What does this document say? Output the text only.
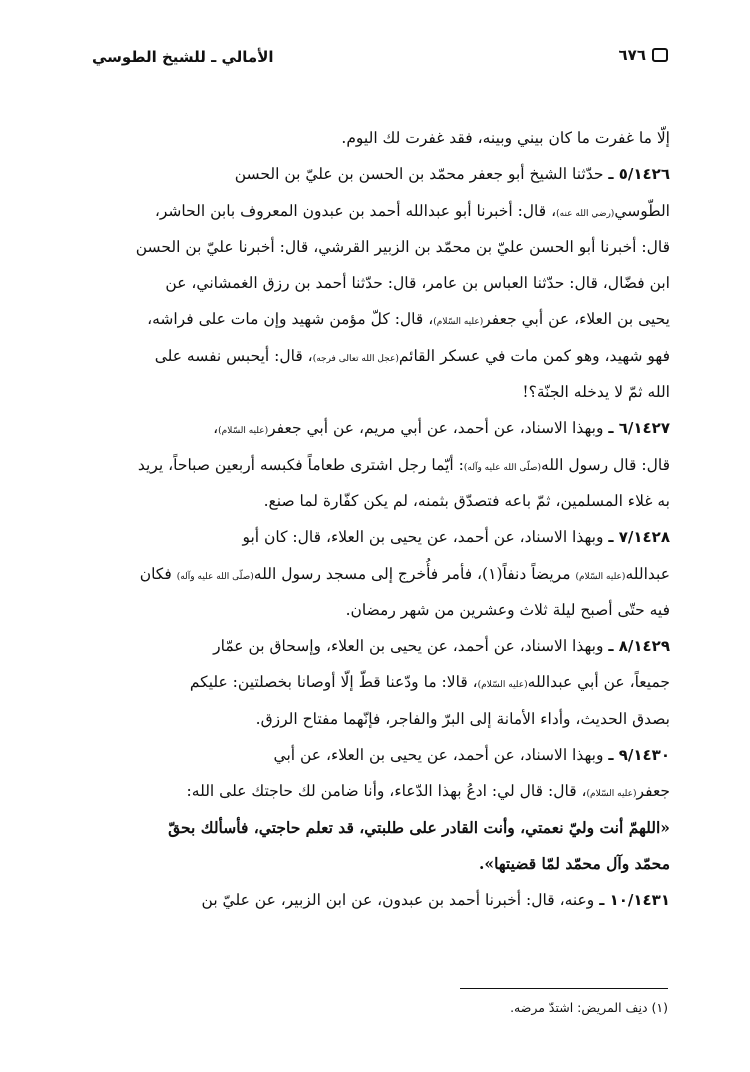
الأمالي ـ للشيخ الطوسي	٦٧٦
إلّا ما غفرت ما كان بيني وبينه، فقد غفرت لك اليوم.
٥/١٤٢٦ ـ حدّثنا الشيخ أبو جعفر محمّد بن الحسن بن عليّ بن الحسن
الطّوسي(رضي الله عنه)، قال: أخبرنا أبو عبدالله أحمد بن عبدون المعروف بابن الحاشر،
قال: أخبرنا أبو الحسن عليّ بن محمّد بن الزبير القرشي، قال: أخبرنا عليّ بن الحسن
ابن فضّال، قال: حدّثنا العباس بن عامر، قال: حدّثنا أحمد بن رزق الغمشاني، عن
يحيى بن العلاء، عن أبي جعفر(عليه السّلام)، قال: كلّ مؤمن شهيد وإن مات على فراشه،
فهو شهيد، وهو كمن مات في عسكر القائم(عجل الله تعالى فرجه)، قال: أيحبس نفسه على
الله ثمّ لا يدخله الجنّة؟!
٦/١٤٢٧ ـ وبهذا الاسناد، عن أحمد، عن أبي مريم، عن أبي جعفر(عليه السّلام)،
قال: قال رسول الله(صلّى الله عليه وآله): أيّما رجل اشترى طعاماً فكبسه أربعين صباحاً، يريد
به غلاء المسلمين، ثمّ باعه فتصدّق بثمنه، لم يكن كفّارة لما صنع.
٧/١٤٢٨ ـ وبهذا الاسناد، عن أحمد، عن يحيى بن العلاء، قال: كان أبو
عبدالله(عليه السّلام) مريضاً دنفاً(١)، فأمر فأُخرج إلى مسجد رسول الله(صلّى الله عليه وآله) فكان
فيه حتّى أصبح ليلة ثلاث وعشرين من شهر رمضان.
٨/١٤٢٩ ـ وبهذا الاسناد، عن أحمد، عن يحيى بن العلاء، وإسحاق بن عمّار
جميعاً، عن أبي عبدالله(عليه السّلام)، قالا: ما ودّعنا قطّ إلّا أوصانا بخصلتين: عليكم
بصدق الحديث، وأداء الأمانة إلى البرّ والفاجر، فإنّهما مفتاح الرزق.
٩/١٤٣٠ ـ وبهذا الاسناد، عن أحمد، عن يحيى بن العلاء، عن أبي
جعفر(عليه السّلام)، قال: قال لي: ادعُ بهذا الدّعاء، وأنا ضامن لك حاجتك على الله:
«اللهمّ أنت وليّ نعمتي، وأنت القادر على طلبتي، قد تعلم حاجتي، فأسألك بحقّ
محمّد وآل محمّد لمّا قضيتها».
١٠/١٤٣١ ـ وعنه، قال: أخبرنا أحمد بن عبدون، عن ابن الزبير، عن عليّ بن
(١) دنِف المريض: اشتدّ مرضه.
